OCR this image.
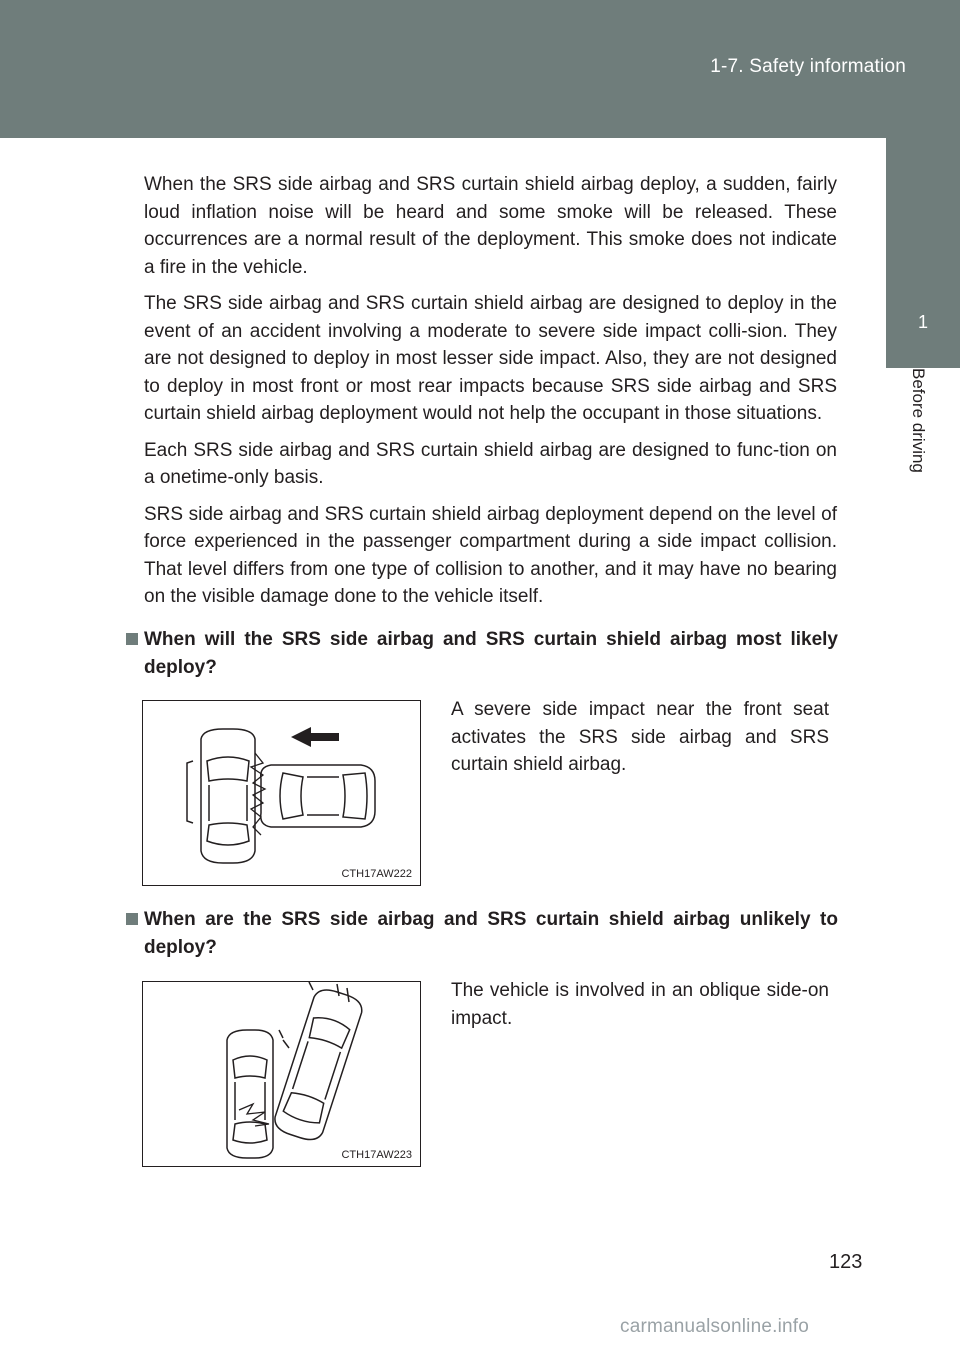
1-7. Safety information
1
Before driving

When the SRS side airbag and SRS curtain shield airbag deploy, a sudden, fairly loud inflation noise will be heard and some smoke will be released. These occurrences are a normal result of the deployment. This smoke does not indicate a fire in the vehicle.

The SRS side airbag and SRS curtain shield airbag are designed to deploy in the event of an accident involving a moderate to severe side impact colli-sion. They are not designed to deploy in most lesser side impact. Also, they are not designed to deploy in most front or most rear impacts because SRS side airbag and SRS curtain shield airbag deployment would not help the occupant in those situations.

Each SRS side airbag and SRS curtain shield airbag are designed to func-tion on a onetime-only basis.

SRS side airbag and SRS curtain shield airbag deployment depend on the level of force experienced in the passenger compartment during a side impact collision. That level differs from one type of collision to another, and it may have no bearing on the visible damage done to the vehicle itself.

When will the SRS side airbag and SRS curtain shield airbag most likely deploy?
CTH17AW222
A severe side impact near the front seat activates the SRS side airbag and SRS curtain shield airbag.
When are the SRS side airbag and SRS curtain shield airbag unlikely to deploy?
CTH17AW223
The vehicle is involved in an oblique side-on impact.
123
carmanualsonline.info
